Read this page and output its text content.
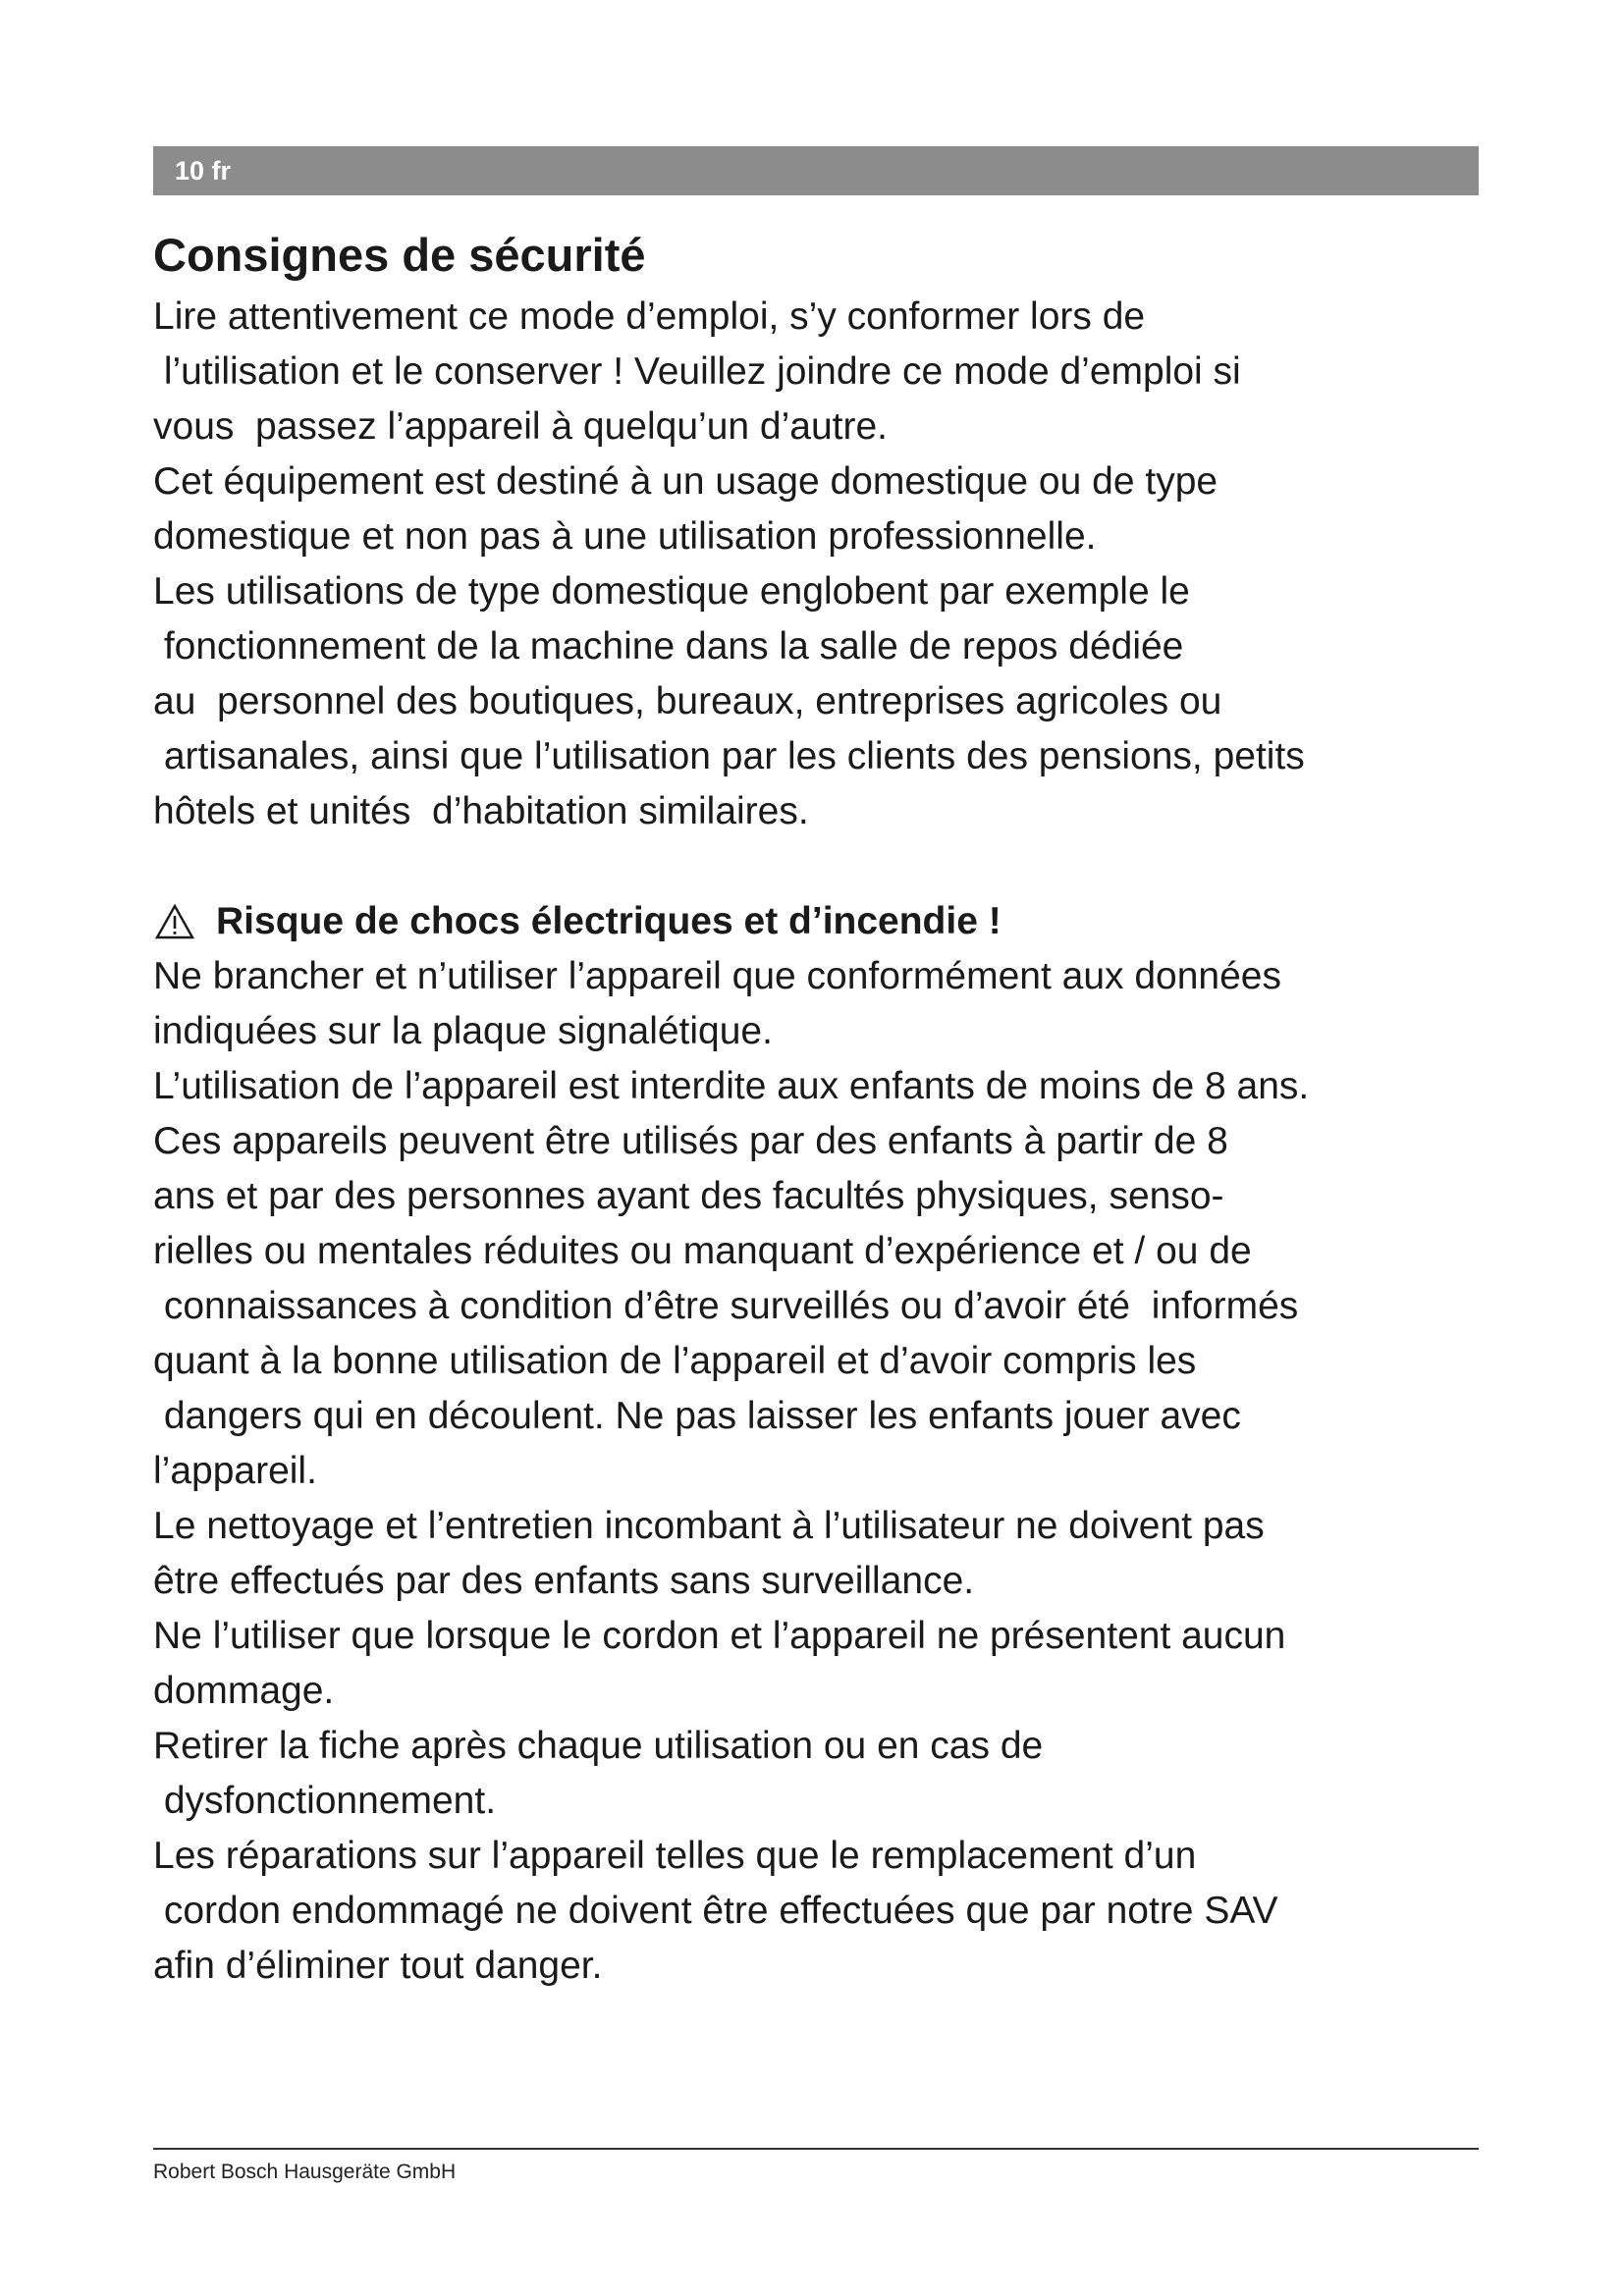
10 fr
Consignes de sécurité

Lire attentivement ce mode d’emploi, s’y conformer lors de

l’utilisation et le conserver ! Veuillez joindre ce mode d’emploi si

vous  passez l’appareil à quelqu’un d’autre.

Cet équipement est destiné à un usage domestique ou de type

domestique et non pas à une utilisation professionnelle.

Les utilisations de type domestique englobent par exemple le

fonctionnement de la machine dans la salle de repos dédiée

au  personnel des boutiques, bureaux, entreprises agricoles ou

artisanales, ainsi que l’utilisation par les clients des pensions, petits

hôtels et unités  d’habitation similaires.

Risque de chocs électriques et d’incendie !

Ne brancher et n’utiliser l’appareil que conformément aux données

indiquées sur la plaque signalétique.

L’utilisation de l’appareil est interdite aux enfants de moins de 8 ans.

Ces appareils peuvent être utilisés par des enfants à partir de 8

ans et par des personnes ayant des facultés physiques, senso-

rielles ou mentales réduites ou manquant d’expérience et / ou de

connaissances à condition d’être surveillés ou d’avoir été  informés

quant à la bonne utilisation de l’appareil et d’avoir compris les

dangers qui en découlent. Ne pas laisser les enfants jouer avec

l’appareil.

Le nettoyage et l’entretien incombant à l’utilisateur ne doivent pas

être effectués par des enfants sans surveillance.

Ne l’utiliser que lorsque le cordon et l’appareil ne présentent aucun

dommage.

Retirer la fiche après chaque utilisation ou en cas de

dysfonctionnement.

Les réparations sur l’appareil telles que le remplacement d’un

cordon endommagé ne doivent être effectuées que par notre SAV

afin d’éliminer tout danger.

Robert Bosch Hausgeräte GmbH
